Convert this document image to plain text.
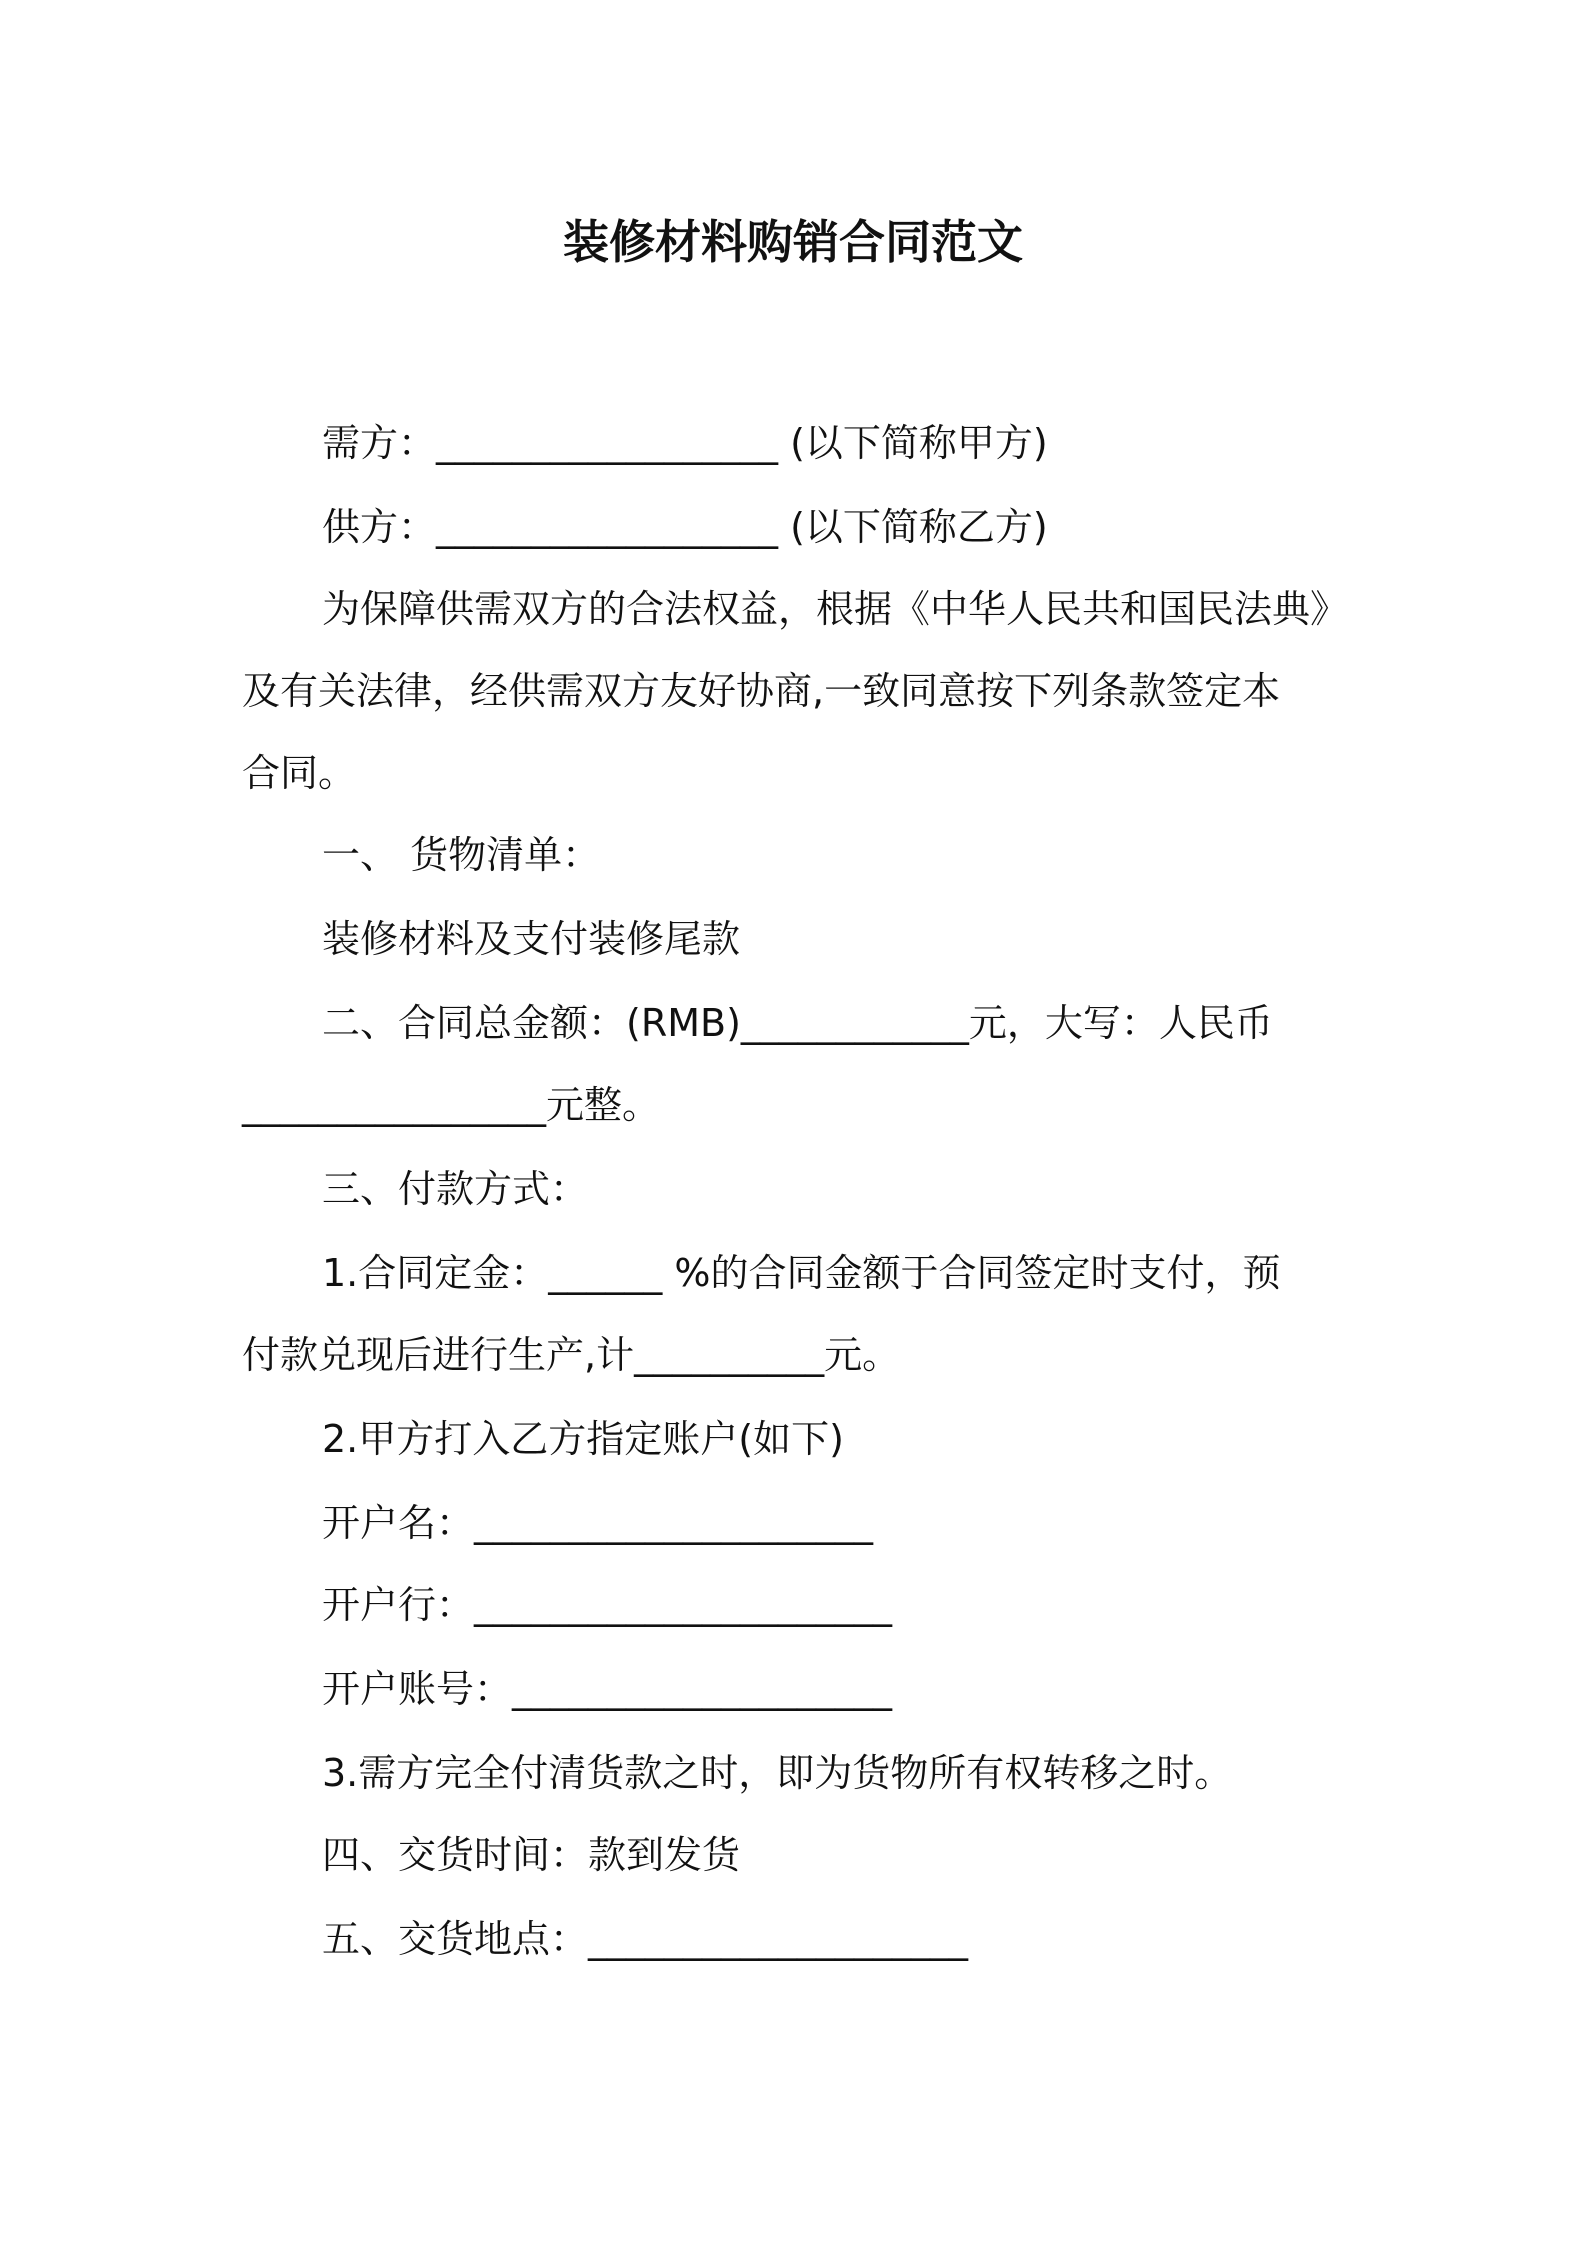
装修材料购销合同范文
需方：__________________ (以下简称甲方)
供方：__________________ (以下简称乙方)
为保障供需双方的合法权益，根据《中华人民共和国民法典》
及有关法律，经供需双方友好协商,一致同意按下列条款签定本
合同。
一、 货物清单：
装修材料及支付装修尾款
二、合同总金额：(RMB)____________元，大写：人民币
________________元整。
三、付款方式：
1.合同定金：______ %的合同金额于合同签定时支付，预
付款兑现后进行生产,计__________元。
2.甲方打入乙方指定账户(如下)
开户名：_____________________
开户行：______________________
开户账号：____________________
3.需方完全付清货款之时，即为货物所有权转移之时。
四、交货时间：款到发货
五、交货地点：____________________
